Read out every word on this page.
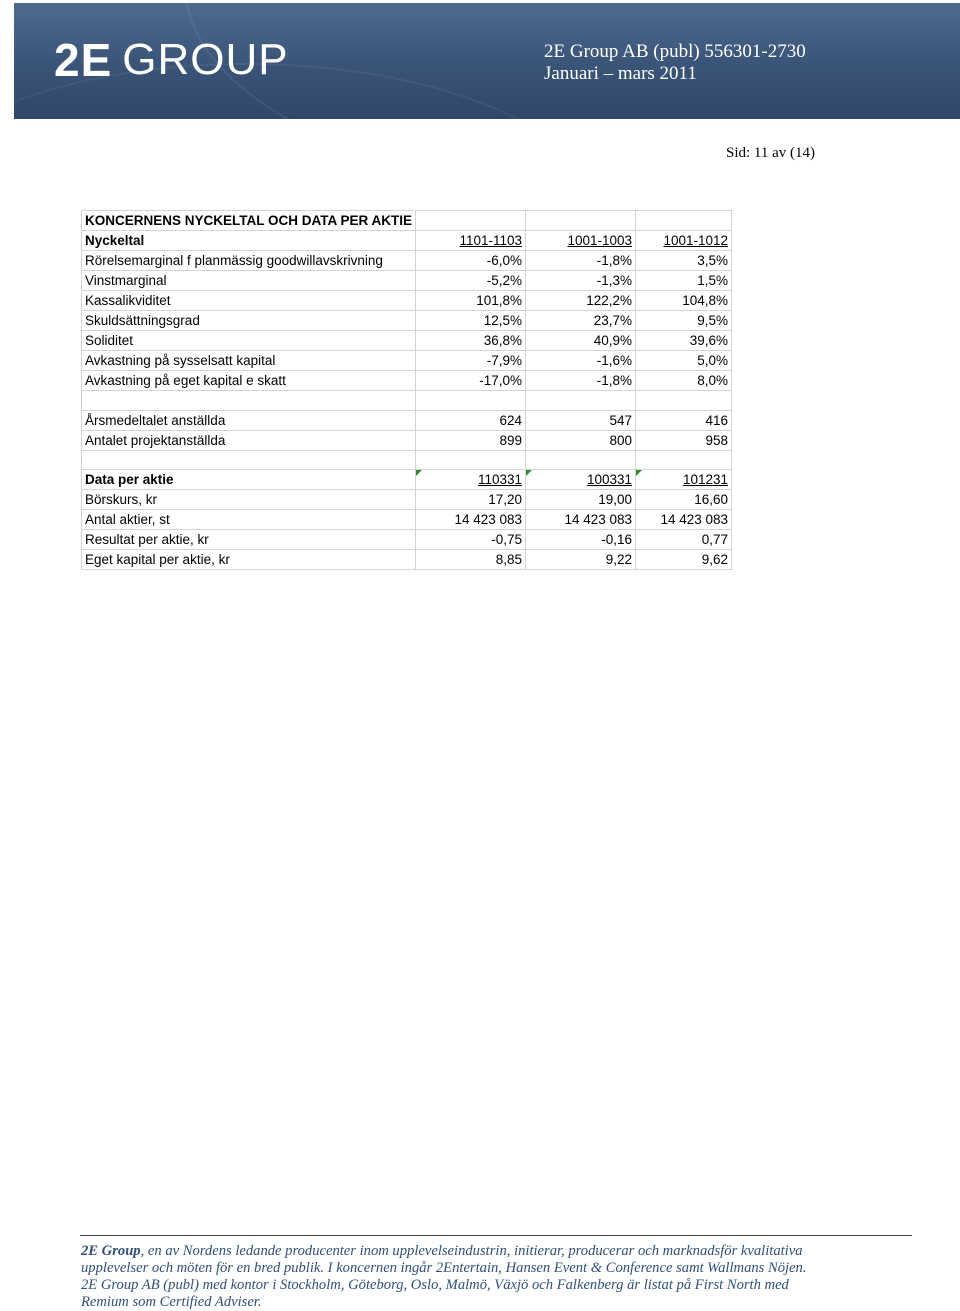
2E GROUP	2E Group AB (publ) 556301-2730
Januari – mars 2011
Sid: 11 av (14)
KONCERNENS NYCKELTAL OCH DATA PER AKTIE			
Nyckeltal	1101-1103	1001-1003	1001-1012
Rörelsemarginal f planmässig goodwillavskrivning	-6,0%	-1,8%	3,5%
Vinstmarginal	-5,2%	-1,3%	1,5%
Kassalikviditet	101,8%	122,2%	104,8%
Skuldsättningsgrad	12,5%	23,7%	9,5%
Soliditet	36,8%	40,9%	39,6%
Avkastning på sysselsatt kapital	-7,9%	-1,6%	5,0%
Avkastning på eget kapital e skatt	-17,0%	-1,8%	8,0%

Årsmedeltalet anställda	624	547	416
Antalet projektanställda	899	800	958

Data per aktie	110331	100331	101231
Börskurs, kr	17,20	19,00	16,60
Antal aktier, st	14 423 083	14 423 083	14 423 083
Resultat per aktie, kr	-0,75	-0,16	0,77
Eget kapital per aktie, kr	8,85	9,22	9,62
2E Group, en av Nordens ledande producenter inom upplevelseindustrin, initierar, producerar och marknadsför kvalitativa
upplevelser och möten för en bred publik. I koncernen ingår 2Entertain, Hansen Event & Conference samt Wallmans Nöjen.
2E Group AB (publ) med kontor i Stockholm, Göteborg, Oslo, Malmö, Växjö och Falkenberg är listat på First North med
Remium som Certified Adviser.
